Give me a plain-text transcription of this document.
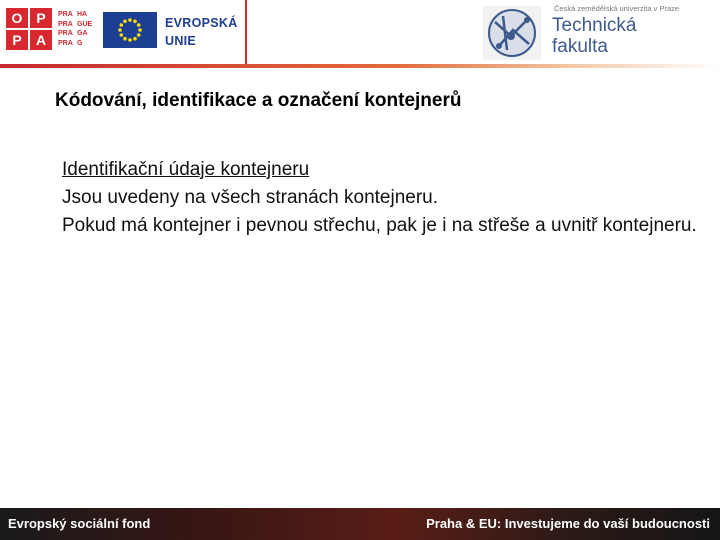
O P
P	A
PRA
PRA
PRA
PRA
HA
GUE
GA
G
EVROPSKÁ
UNIE
Česká zemědělská univerzita v Praze
Technická
fakulta
Kódování, identifikace a označení kontejnerů

Identifikační údaje kontejneru

Jsou uvedeny na všech stranách kontejneru.

Pokud má kontejner i pevnou střechu, pak je i na střeše a uvnitř kontejneru.

Evropský sociální fond	Praha & EU: Investujeme do vaší budoucnosti
